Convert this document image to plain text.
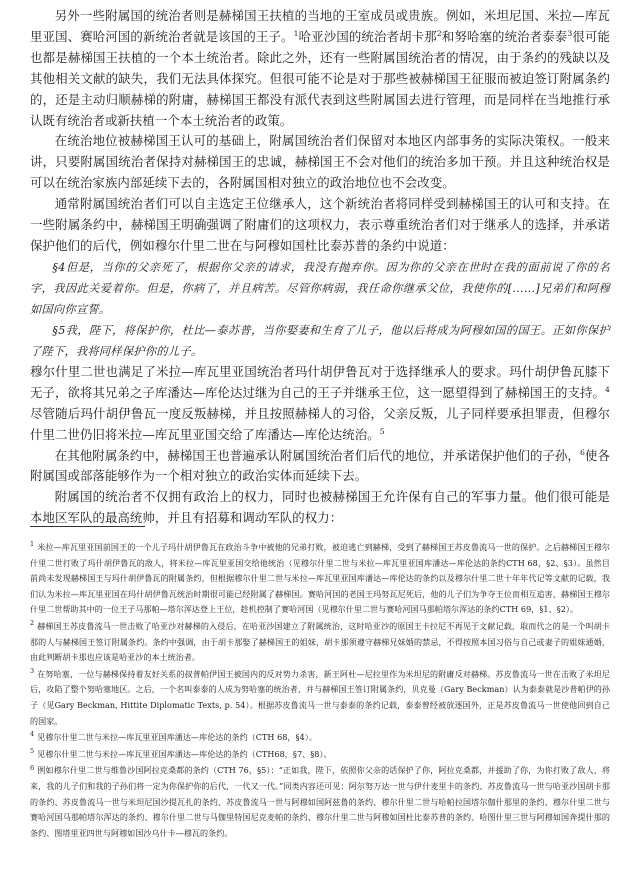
另外一些附属国的统治者则是赫梯国王扶植的当地的王室成员或贵族。例如，米坦尼国、米拉—库瓦里亚国、赛哈河国的新统治者就是该国的王子。$^1$哈亚沙国的统治者胡卡那$^2$和努哈塞的统治者泰泰$^3$很可能也都是赫梯国王扶植的一个本土统治者。除此之外，还有一些附属国统治者的情况，由于条约的残缺以及其他相关文献的缺失，我们无法具体探究。但很可能不论是对于那些被赫梯国王征服而被迫签订附属条约的，还是主动归顺赫梯的附庸，赫梯国王都没有派代表到这些附属国去进行管理，而是同样在当地推行承认既有统治者或新扶植一个本土统治者的政策。

在统治地位被赫梯国王认可的基础上，附属国统治者们保留对本地区内部事务的实际决策权。一般来讲，只要附属国统治者保持对赫梯国王的忠诚，赫梯国王不会对他们的统治多加干预。并且这种统治权是可以在统治家族内部延续下去的，各附属国相对独立的政治地位也不会改变。

通常附属国统治者们可以自主选定王位继承人，这个新统治者将同样受到赫梯国王的认可和支持。在一些附属条约中，赫梯国王明确强调了附庸们的这项权力，表示尊重统治者们对于继承人的选择，并承诺保护他们的后代，例如穆尔什里二世在与阿穆如国杜比泰苏普的条约中说道：

§4但是，当你的父亲死了，根据你父亲的请求，我没有抛弃你。因为你的父亲在世时在我的面前说了你的名字，我因此关爱着你。但是，你病了，并且病苦。尽管你病弱，我任命你继承父位，我使你的[……]兄弟们和阿穆如国向你宣誓。

§5我，陛下，将保护你，杜比—泰苏普，当你娶妻和生育了儿子，他以后将成为阿穆如国的国王。正如你保护了陛下，我将同样保护你的儿子。

穆尔什里二世也满足了米拉—库瓦里亚国统治者玛什胡伊鲁瓦对于选择继承人的要求。玛什胡伊鲁瓦膝下无子，欲将其兄弟之子库潘达—库伦达过继为自己的王子并继承王位，这一愿望得到了赫梯国王的支持。$^4$尽管随后玛什胡伊鲁瓦一度反叛赫梯，并且按照赫梯人的习俗，父亲反叛，儿子同样要承担罪责，但穆尔什里二世仍旧将米拉—库瓦里亚国交给了库潘达—库伦达统治。$^5$

在其他附属条约中，赫梯国王也普遍承认附属国统治者们后代的地位，并承诺保护他们的子孙，$^6$使各附属国或部落能够作为一个相对独立的政治实体而延续下去。

附属国的统治者不仅拥有政治上的权力，同时也被赫梯国王允许保有自己的军事力量。他们很可能是本地区军队的最高统帅，并且有招募和调动军队的权力：

$^1$ 米拉—库瓦里亚国前国王的一个儿子玛什胡伊鲁瓦在政治斗争中被他的兄弟打败，被迫逃亡到赫梯，受到了赫梯国王苏皮鲁流马一世的保护。之后赫梯国王穆尔什里二世打败了玛什胡伊鲁瓦的敌人，将米拉—库瓦里亚国交给他统治（见穆尔什里二世与米拉—库瓦里亚国库潘达—库伦达的条约CTH 68，§2、§3）。虽然目前尚未发现赫梯国王与玛什胡伊鲁瓦的附属条约，但根据穆尔什里二世与米拉—库瓦里亚国库潘达—库伦达的条约以及穆尔什里二世十年年代记等文献的记载，我们认为米拉—库瓦里亚国在玛什胡伊鲁瓦统治时期很可能已经附属了赫梯国。赛哈河国的老国王玛努瓦尼死后，他的儿子们为争夺王位而相互追害，赫梯国王穆尔什里二世帮助其中的一位王子马那帕—塔尔浑达登上王位，趁机控制了赛哈河国（见穆尔什里二世与赛哈河国马那帕塔尔浑达的条约CTH 69，§1、§2）。
$^2$ 赫梯国王苏皮鲁流马一世击败了哈亚沙对赫梯的入侵后，在哈亚沙国建立了附属统治，这时哈亚沙的原国王卡拉尼不再见于文献记载，取而代之的是一个叫胡卡那的人与赫梯国王签订附属条约。条约中强调，由于胡卡那娶了赫梯国王的姐妹，胡卡那须遵守赫梯兄妹婚的禁忌，不得按照本国习俗与自己或妻子的姐妹通婚，由此判断胡卡那也应该是哈亚沙的本土统治者。
$^3$ 在努哈塞，一位与赫梯保持着友好关系的叔普帕伊国王被国内的反对势力杀害，新王阿杜—尼拉里作为米坦尼的附庸反对赫梯。苏皮鲁流马一世在击败了米坦尼后，攻陷了整个努哈塞地区。之后，一个名叫泰泰的人成为努哈塞的统治者，并与赫梯国王签订附属条约，贝克曼（Gary Beckman）认为泰泰就是沙普帕伊的孙子（见Gary Beckman, Hittite Diplomatic Texts, p. 54）。根据苏皮鲁流马一世与泰泰的条约记载，泰泰曾经被放逐国外，正是苏皮鲁流马一世使他回到自己的国家。
$^4$ 见穆尔什里二世与米拉—库瓦里亚国库潘达—库伦达的条约（CTH 68，§4）。
$^5$ 见穆尔什里二世与米拉—库瓦里亚国库潘达—库伦达的条约（CTH68，§7、§8）。
$^6$ 例如穆尔什里二世与维鲁沙国阿拉克桑都的条约（CTH 76，§5）：“正如我，陛下，依照你父亲的话保护了你，阿拉克桑都，并援助了你，为你打败了敌人，将来，我的儿子们和我的子孙们将一定为你保护你的后代，一代又一代。”同类内容还可见：阿尔努万达一世与伊什麦里卡的条约、苏皮鲁流马一世与哈亚沙国胡卡那的条约、苏皮鲁流马一世与米坦尼国沙提瓦扎的条约、苏皮鲁流马一世与阿穆如国阿兹鲁的条约、穆尔什里二世与哈帕拉国塔尔伽什那里的条约、穆尔什里二世与赛哈河国马那帕塔尔浑达的条约、穆尔什里二世与马伽里特国尼克麦帕的条约、穆尔什里二世与阿穆如国杜比泰苏普的条约、哈图什里三世与阿穆如国奔提什那的条约、图塔里亚四世与阿穆如国沙乌什卡—穆瓦的条约。
